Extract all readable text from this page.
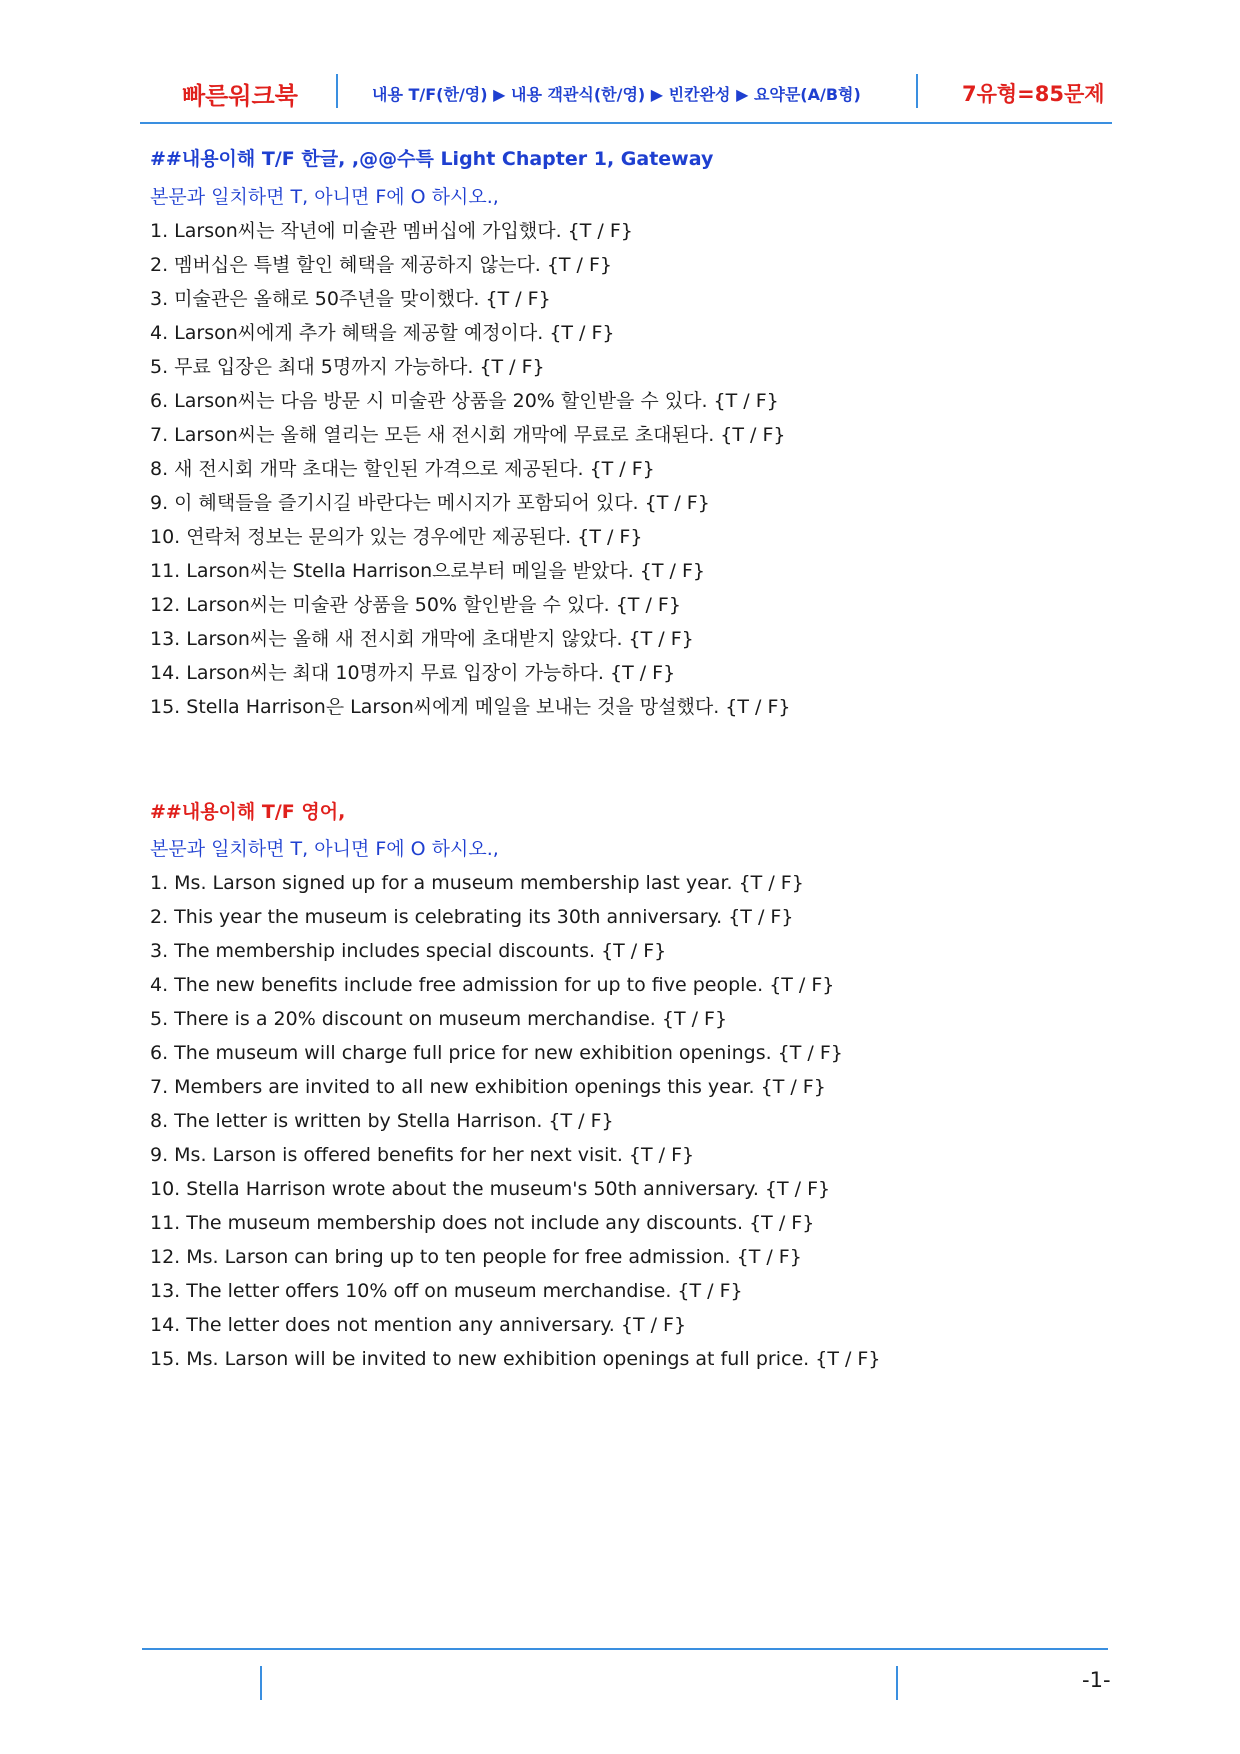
빠른워크북	내용 T/F(한/영) ▶ 내용 객관식(한/영) ▶ 빈칸완성 ▶ 요약문(A/B형)	7유형=85문제
##내용이해 T/F 한글, ,@@수특 Light Chapter 1, Gateway
본문과 일치하면 T, 아니면 F에 O 하시오.,
1. Larson씨는 작년에 미술관 멤버십에 가입했다. {T / F}
2. 멤버십은 특별 할인 혜택을 제공하지 않는다. {T / F}
3. 미술관은 올해로 50주년을 맞이했다. {T / F}
4. Larson씨에게 추가 혜택을 제공할 예정이다. {T / F}
5. 무료 입장은 최대 5명까지 가능하다. {T / F}
6. Larson씨는 다음 방문 시 미술관 상품을 20% 할인받을 수 있다. {T / F}
7. Larson씨는 올해 열리는 모든 새 전시회 개막에 무료로 초대된다. {T / F}
8. 새 전시회 개막 초대는 할인된 가격으로 제공된다. {T / F}
9. 이 혜택들을 즐기시길 바란다는 메시지가 포함되어 있다. {T / F}
10. 연락처 정보는 문의가 있는 경우에만 제공된다. {T / F}
11. Larson씨는 Stella Harrison으로부터 메일을 받았다. {T / F}
12. Larson씨는 미술관 상품을 50% 할인받을 수 있다. {T / F}
13. Larson씨는 올해 새 전시회 개막에 초대받지 않았다. {T / F}
14. Larson씨는 최대 10명까지 무료 입장이 가능하다. {T / F}
15. Stella Harrison은 Larson씨에게 메일을 보내는 것을 망설했다. {T / F}
##내용이해 T/F 영어,
본문과 일치하면 T, 아니면 F에 O 하시오.,
1. Ms. Larson signed up for a museum membership last year. {T / F}
2. This year the museum is celebrating its 30th anniversary. {T / F}
3. The membership includes special discounts. {T / F}
4. The new benefits include free admission for up to five people. {T / F}
5. There is a 20% discount on museum merchandise. {T / F}
6. The museum will charge full price for new exhibition openings. {T / F}
7. Members are invited to all new exhibition openings this year. {T / F}
8. The letter is written by Stella Harrison. {T / F}
9. Ms. Larson is offered benefits for her next visit. {T / F}
10. Stella Harrison wrote about the museum's 50th anniversary. {T / F}
11. The museum membership does not include any discounts. {T / F}
12. Ms. Larson can bring up to ten people for free admission. {T / F}
13. The letter offers 10% off on museum merchandise. {T / F}
14. The letter does not mention any anniversary. {T / F}
15. Ms. Larson will be invited to new exhibition openings at full price. {T / F}
-1-
